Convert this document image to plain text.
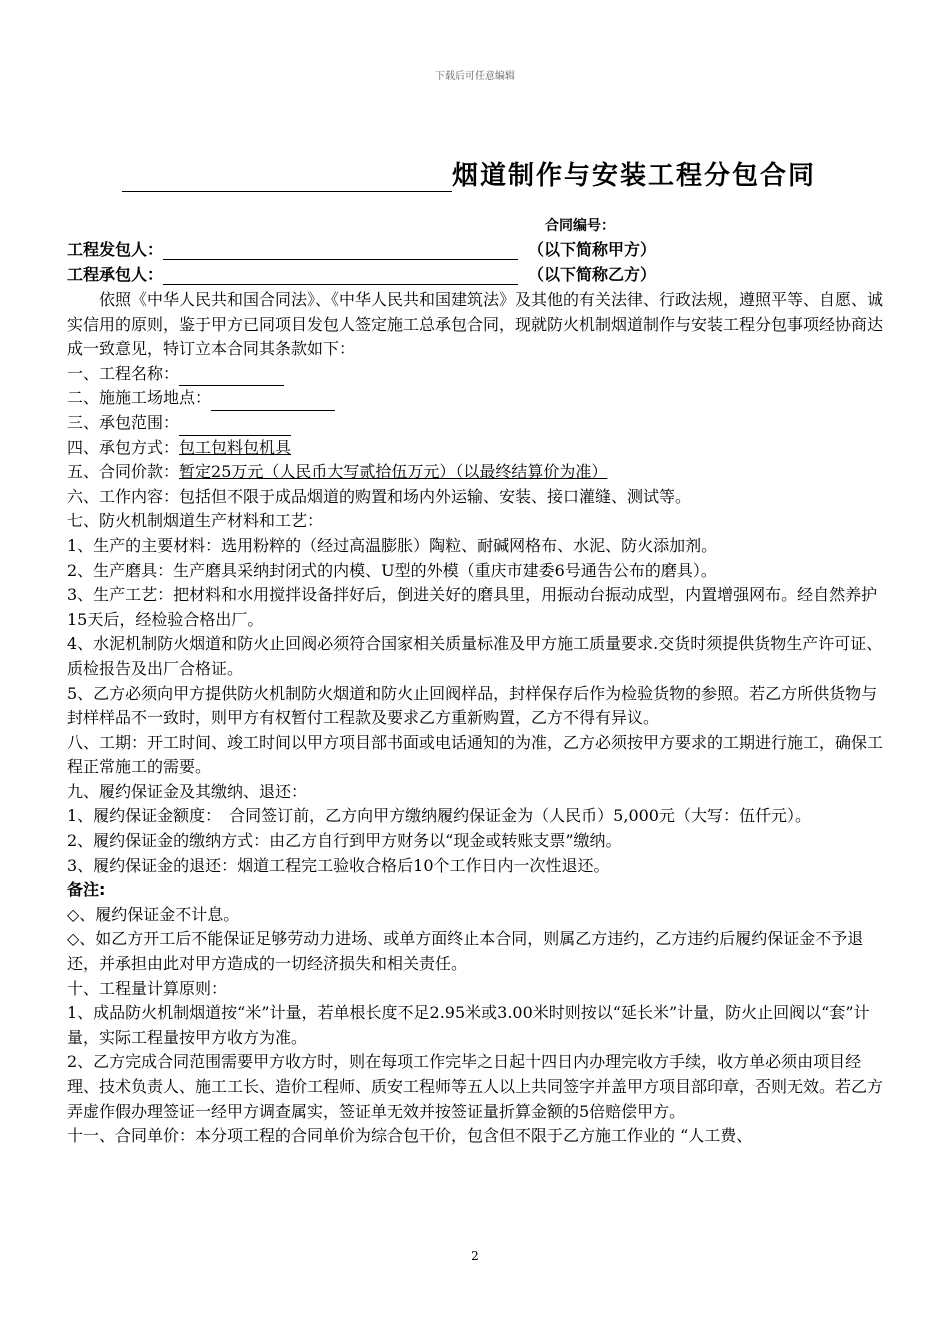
下载后可任意编辑
烟道制作与安装工程分包合同
合同编号：
工程发包人：	（以下简称甲方）
工程承包人：	（以下简称乙方）

依照《中华人民共和国合同法》、《中华人民共和国建筑法》及其他的有关法律、行政法规，遵照平等、自愿、诚实信用的原则，鉴于甲方已同项目发包人签定施工总承包合同，现就防火机制烟道制作与安装工程分包事项经协商达成一致意见，特订立本合同其条款如下：

一、工程名称：

二、施施工场地点：

三、承包范围：

四、承包方式：包工包料包机具

五、合同价款：暂定25万元（人民币大写贰拾伍万元）（以最终结算价为准）

六、工作内容：包括但不限于成品烟道的购置和场内外运输、安装、接口灌缝、测试等。

七、防火机制烟道生产材料和工艺：

1、生产的主要材料：选用粉粹的（经过高温膨胀）陶粒、耐碱网格布、水泥、防火添加剂。

2、生产磨具：生产磨具采纳封闭式的内模、U型的外模（重庆市建委6号通告公布的磨具）。

3、生产工艺：把材料和水用搅拌设备拌好后，倒进关好的磨具里，用振动台振动成型，内置增强网布。经自然养护15天后，经检验合格出厂。

4、水泥机制防火烟道和防火止回阀必须符合国家相关质量标准及甲方施工质量要求.交货时须提供货物生产许可证、质检报告及出厂合格证。

5、乙方必须向甲方提供防火机制防火烟道和防火止回阀样品，封样保存后作为检验货物的参照。若乙方所供货物与封样样品不一致时，则甲方有权暂付工程款及要求乙方重新购置，乙方不得有异议。

八、工期：开工时间、竣工时间以甲方项目部书面或电话通知的为准，乙方必须按甲方要求的工期进行施工，确保工程正常施工的需要。

九、履约保证金及其缴纳、退还：

1、履约保证金额度：　合同签订前，乙方向甲方缴纳履约保证金为（人民币）5,000元（大写：伍仟元）。

2、履约保证金的缴纳方式：由乙方自行到甲方财务以“现金或转账支票”缴纳。

3、履约保证金的退还：烟道工程完工验收合格后10个工作日内一次性退还。

备注:

◇、履约保证金不计息。

◇、如乙方开工后不能保证足够劳动力进场、或单方面终止本合同，则属乙方违约，乙方违约后履约保证金不予退还，并承担由此对甲方造成的一切经济损失和相关责任。

十、工程量计算原则：

1、成品防火机制烟道按“米”计量，若单根长度不足2.95米或3.00米时则按以“延长米”计量，防火止回阀以“套”计量，实际工程量按甲方收方为准。

2、乙方完成合同范围需要甲方收方时，则在每项工作完毕之日起十四日内办理完收方手续，收方单必须由项目经理、技术负责人、施工工长、造价工程师、质安工程师等五人以上共同签字并盖甲方项目部印章，否则无效。若乙方弄虚作假办理签证一经甲方调查属实，签证单无效并按签证量折算金额的5倍赔偿甲方。

十一、合同单价：本分项工程的合同单价为综合包干价，包含但不限于乙方施工作业的 “人工费、

2
